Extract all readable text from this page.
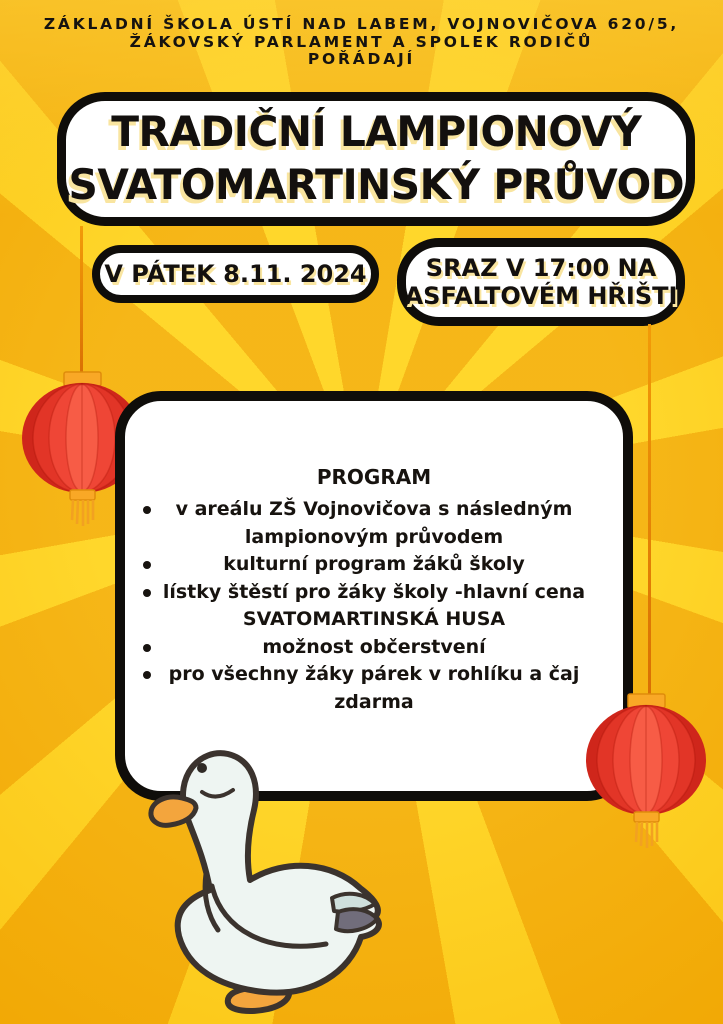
ZÁKLADNÍ ŠKOLA ÚSTÍ NAD LABEM, VOJNOVIČOVA 620/5,
ŽÁKOVSKÝ PARLAMENT A SPOLEK RODIČŮ
POŘÁDAJÍ
TRADIČNÍ LAMPIONOVÝ
SVATOMARTINSKÝ PRŮVOD
V PÁTEK 8.11. 2024	SRAZ V 17:00 NA
ASFALTOVÉM HŘIŠTI
PROGRAM
v areálu ZŠ Vojnovičova s následným
lampionovým průvodem
kulturní program žáků školy
lístky štěstí pro žáky školy -hlavní cena
SVATOMARTINSKÁ HUSA
možnost občerstvení
pro všechny žáky párek v rohlíku a čaj zdarma
